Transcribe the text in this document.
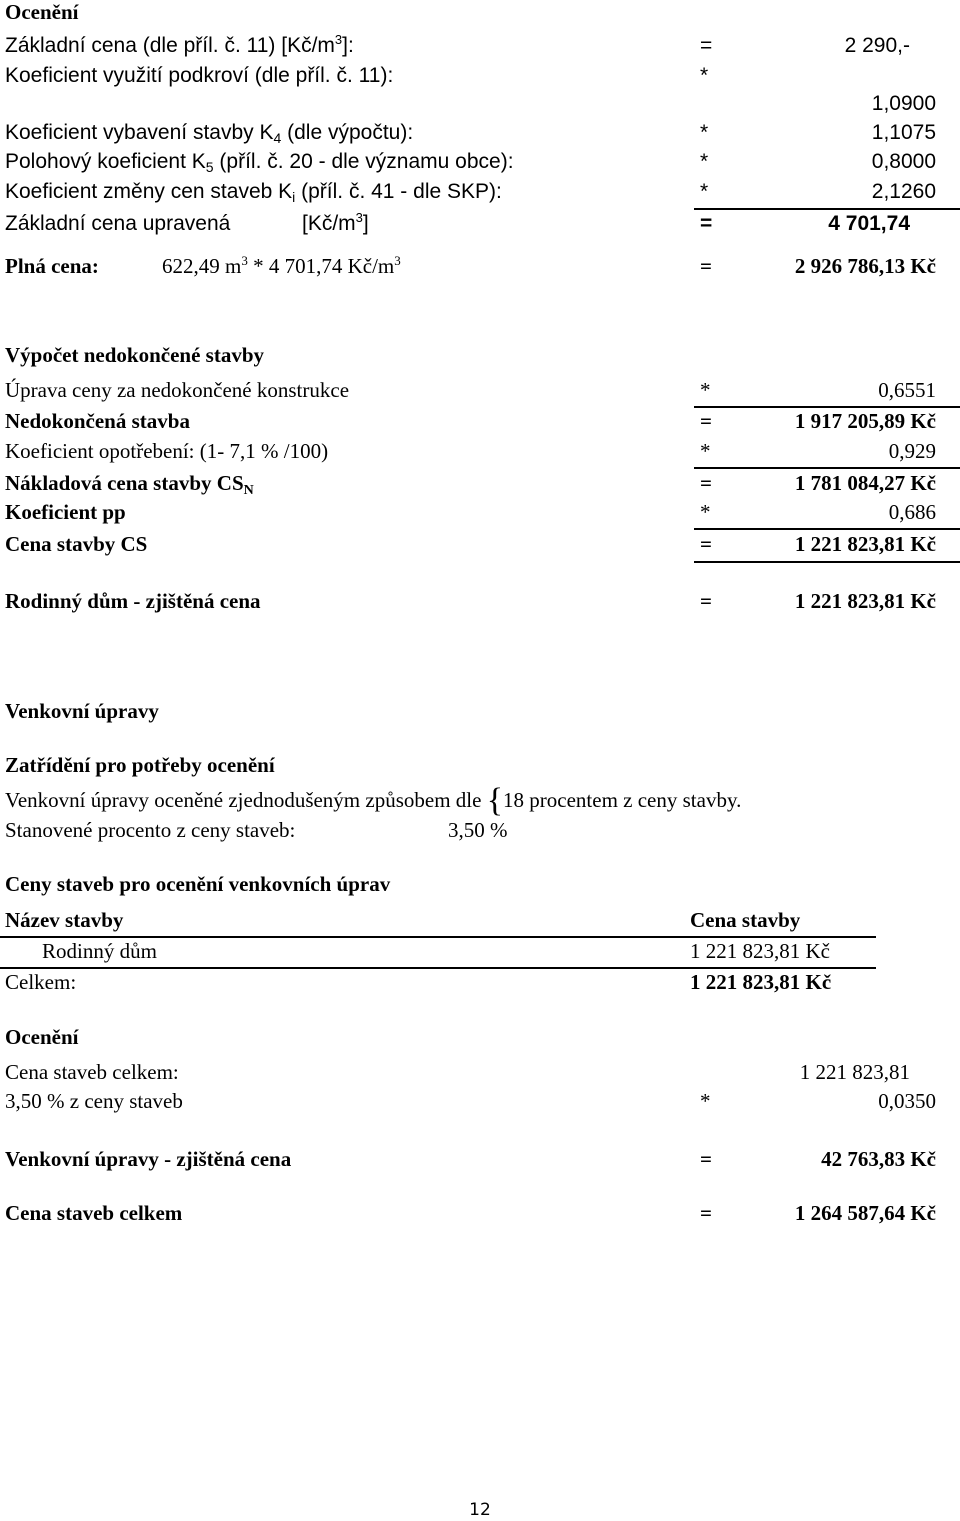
Ocenění
Základní cena (dle příl. č. 11) $[Kč/m^3]$:	=	2 290,-
Koeficient využití podkroví (dle příl. č. 11):	*
1,0900
Koeficient vybavení stavby $K_4$ (dle výpočtu):	*	1,1075
Polohový koeficient $K_5$ (příl. č. 20 - dle významu obce):	*	0,8000
Koeficient změny cen staveb $K_i$ (příl. č. 41 - dle SKP):	*	2,1260
Základní cena upravená	$[Kč/m^3]$	=	4 701,74
Plná cena:	622,49 $m^3 * 4$ 701,74 $Kč/m^3$	=	2 926 786,13 Kč
Výpočet nedokončené stavby
Úprava ceny za nedokončené konstrukce	*	0,6551
Nedokončená stavba	=	1 917 205,89 Kč
Koeficient opotřebení: (1- 7,1 % /100)	*	0,929
Nákladová cena stavby $CS_N$	=	1 781 084,27 Kč
Koeficient pp	*	0,686
Cena stavby CS	=	1 221 823,81 Kč
Rodinný dům - zjištěná cena	=	1 221 823,81 Kč
Venkovní úpravy
Zatřídění pro potřeby ocenění
Venkovní úpravy oceněné zjednodušeným způsobem dle {18 procentem z ceny stavby.
Stanovené procento z ceny staveb:	3,50 %
Ceny staveb pro ocenění venkovních úprav
Název stavby	Cena stavby
Rodinný dům	1 221 823,81 Kč
Celkem:	1 221 823,81 Kč
Ocenění
Cena staveb celkem:	1 221 823,81
3,50 % z ceny staveb	*	0,0350
Venkovní úpravy - zjištěná cena	=	42 763,83 Kč
Cena staveb celkem	=	1 264 587,64 Kč
12
